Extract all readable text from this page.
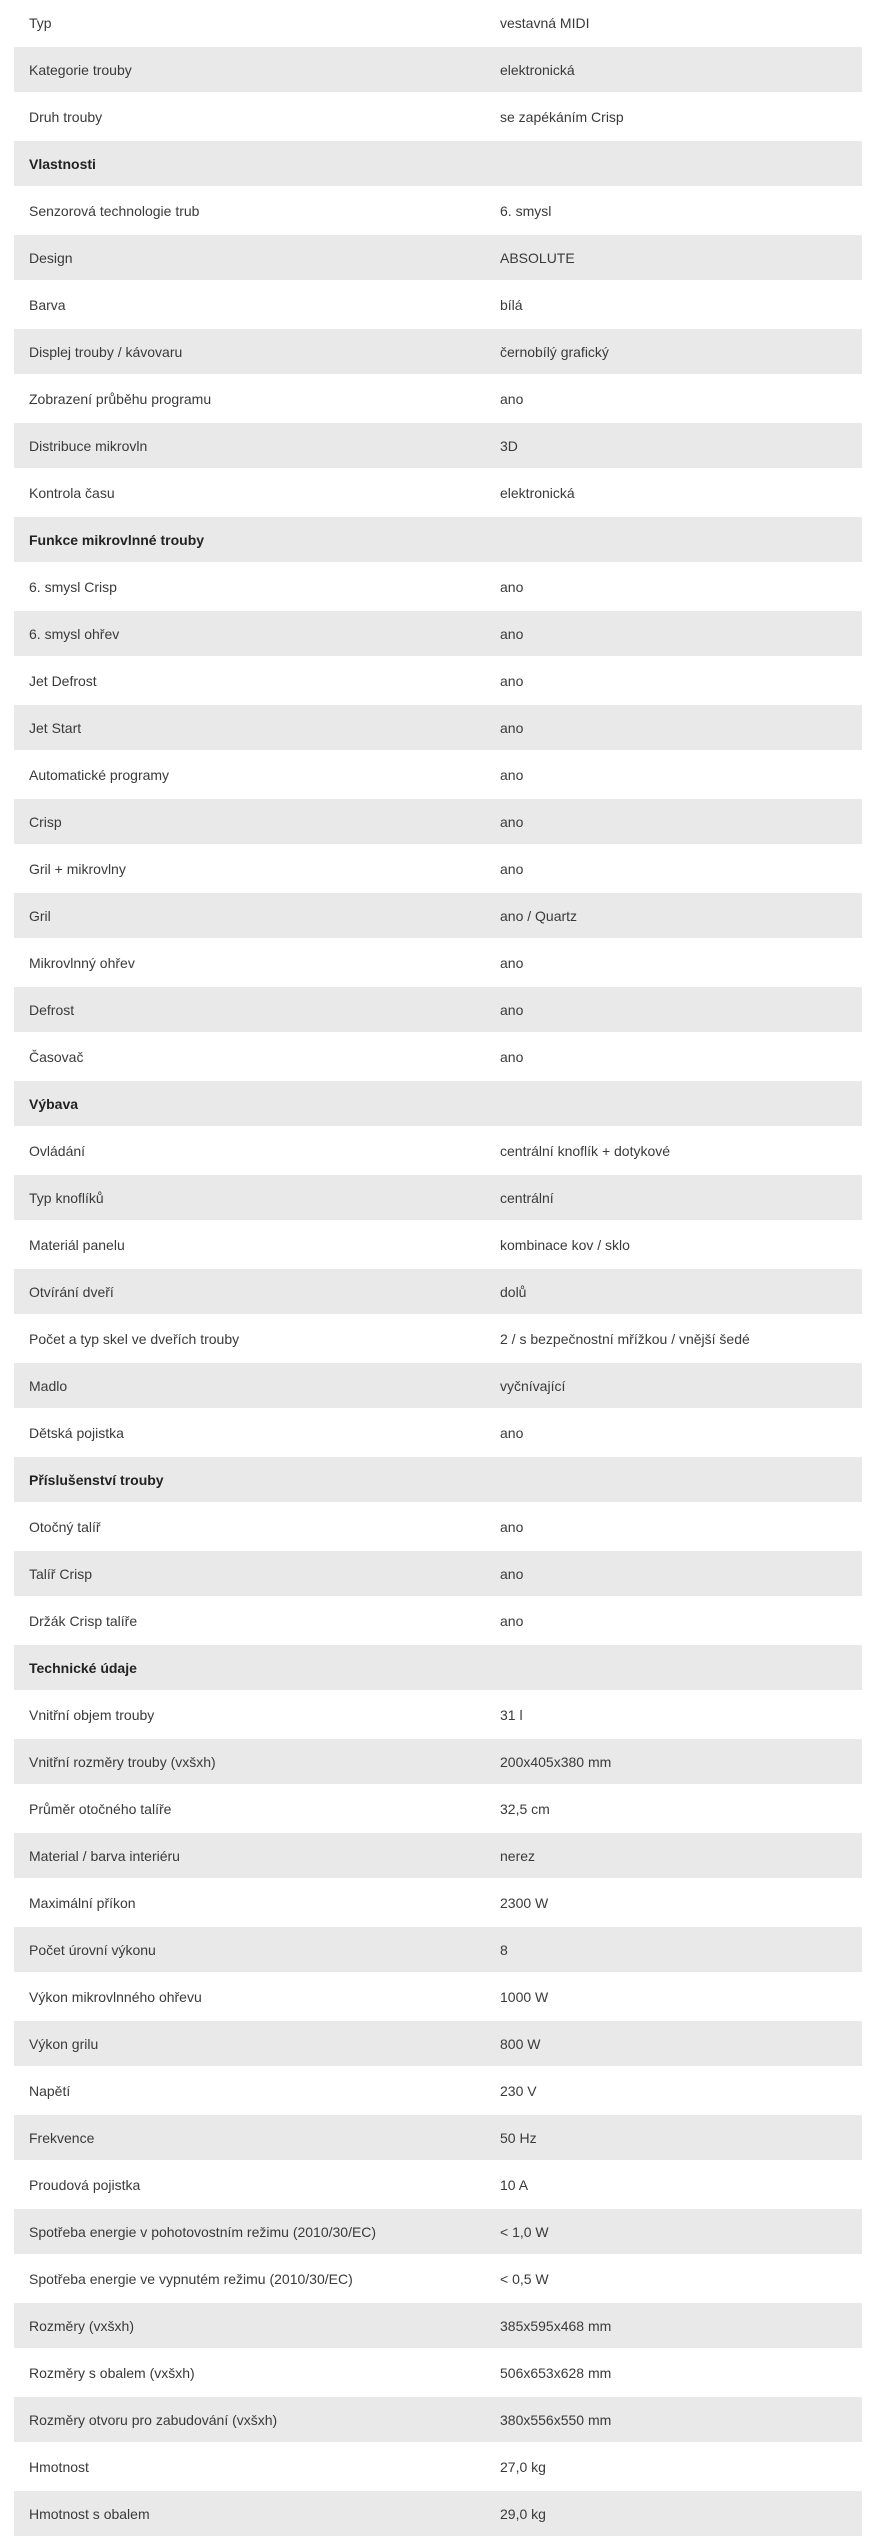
Typ	vestavná MIDI
Kategorie trouby	elektronická
Druh trouby	se zapékáním Crisp
Vlastnosti
Senzorová technologie trub	6. smysl
Design	ABSOLUTE
Barva	bílá
Displej trouby / kávovaru	černobílý grafický
Zobrazení průběhu programu	ano
Distribuce mikrovln	3D
Kontrola času	elektronická
Funkce mikrovlnné trouby
6. smysl Crisp	ano
6. smysl ohřev	ano
Jet Defrost	ano
Jet Start	ano
Automatické programy	ano
Crisp	ano
Gril + mikrovlny	ano
Gril	ano / Quartz
Mikrovlnný ohřev	ano
Defrost	ano
Časovač	ano
Výbava
Ovládání	centrální knoflík + dotykové
Typ knoflíků	centrální
Materiál panelu	kombinace kov / sklo
Otvírání dveří	dolů
Počet a typ skel ve dveřích trouby	2 / s bezpečnostní mřížkou / vnější šedé
Madlo	vyčnívající
Dětská pojistka	ano
Příslušenství trouby
Otočný talíř	ano
Talíř Crisp	ano
Držák Crisp talíře	ano
Technické údaje
Vnitřní objem trouby	31 l
Vnitřní rozměry trouby (vxšxh)	200x405x380 mm
Průměr otočného talíře	32,5 cm
Material / barva interiéru	nerez
Maximální příkon	2300 W
Počet úrovní výkonu	8
Výkon mikrovlnného ohřevu	1000 W
Výkon grilu	800 W
Napětí	230 V
Frekvence	50 Hz
Proudová pojistka	10 A
Spotřeba energie v pohotovostním režimu (2010/30/EC)	< 1,0 W
Spotřeba energie ve vypnutém režimu (2010/30/EC)	< 0,5 W
Rozměry (vxšxh)	385x595x468 mm
Rozměry s obalem (vxšxh)	506x653x628 mm
Rozměry otvoru pro zabudování (vxšxh)	380x556x550 mm
Hmotnost	27,0 kg
Hmotnost s obalem	29,0 kg
